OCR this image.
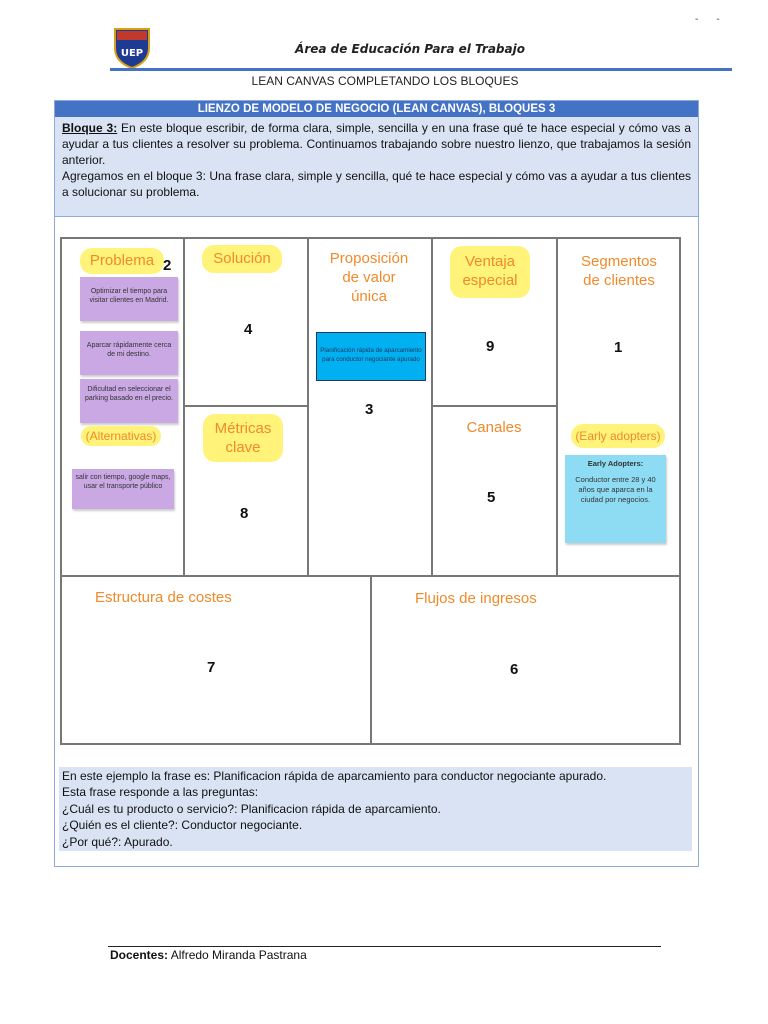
--
UEP	Área de Educación Para el Trabajo
LEAN CANVAS COMPLETANDO LOS BLOQUES
LIENZO DE MODELO DE NEGOCIO (LEAN CANVAS), BLOQUES 3

Bloque 3: En este bloque escribir, de forma clara, simple, sencilla y en una frase qué te hace especial y cómo vas a ayudar a tus clientes a resolver su problema. Continuamos trabajando sobre nuestro lienzo, que trabajamos la sesión anterior.

Agregamos en el bloque 3: Una frase clara, simple y sencilla, qué te hace especial y cómo vas a ayudar a tus clientes a solucionar su problema.

Problema 2
Optimizar el tiempo para visitar clientes en Madrid.
Aparcar rápidamente cerca de mi destino.
Dificultad en seleccionar el parking basado en el precio.
(Alternativas)
salir con tiempo, google maps, usar el transporte público
Solución
4
Métricas
clave
8
Proposición
de valor
única
Planificación rápida de aparcamiento para conductor negociante apurado
3
Ventaja
especial
9
Canales
5
Segmentos
de clientes
1
(Early adopters)
Early Adopters:
Conductor entre 28 y 40 años que aparca en la ciudad por negocios.
Estructura de costes
7
Flujos de ingresos
6

En este ejemplo la frase es: Planificacion rápida de aparcamiento para conductor negociante apurado.

Esta frase responde a las preguntas:

¿Cuál es tu producto o servicio?: Planificacion rápida de aparcamiento.

¿Quién es el cliente?: Conductor negociante.

¿Por qué?: Apurado.

Docentes: Alfredo Miranda Pastrana
